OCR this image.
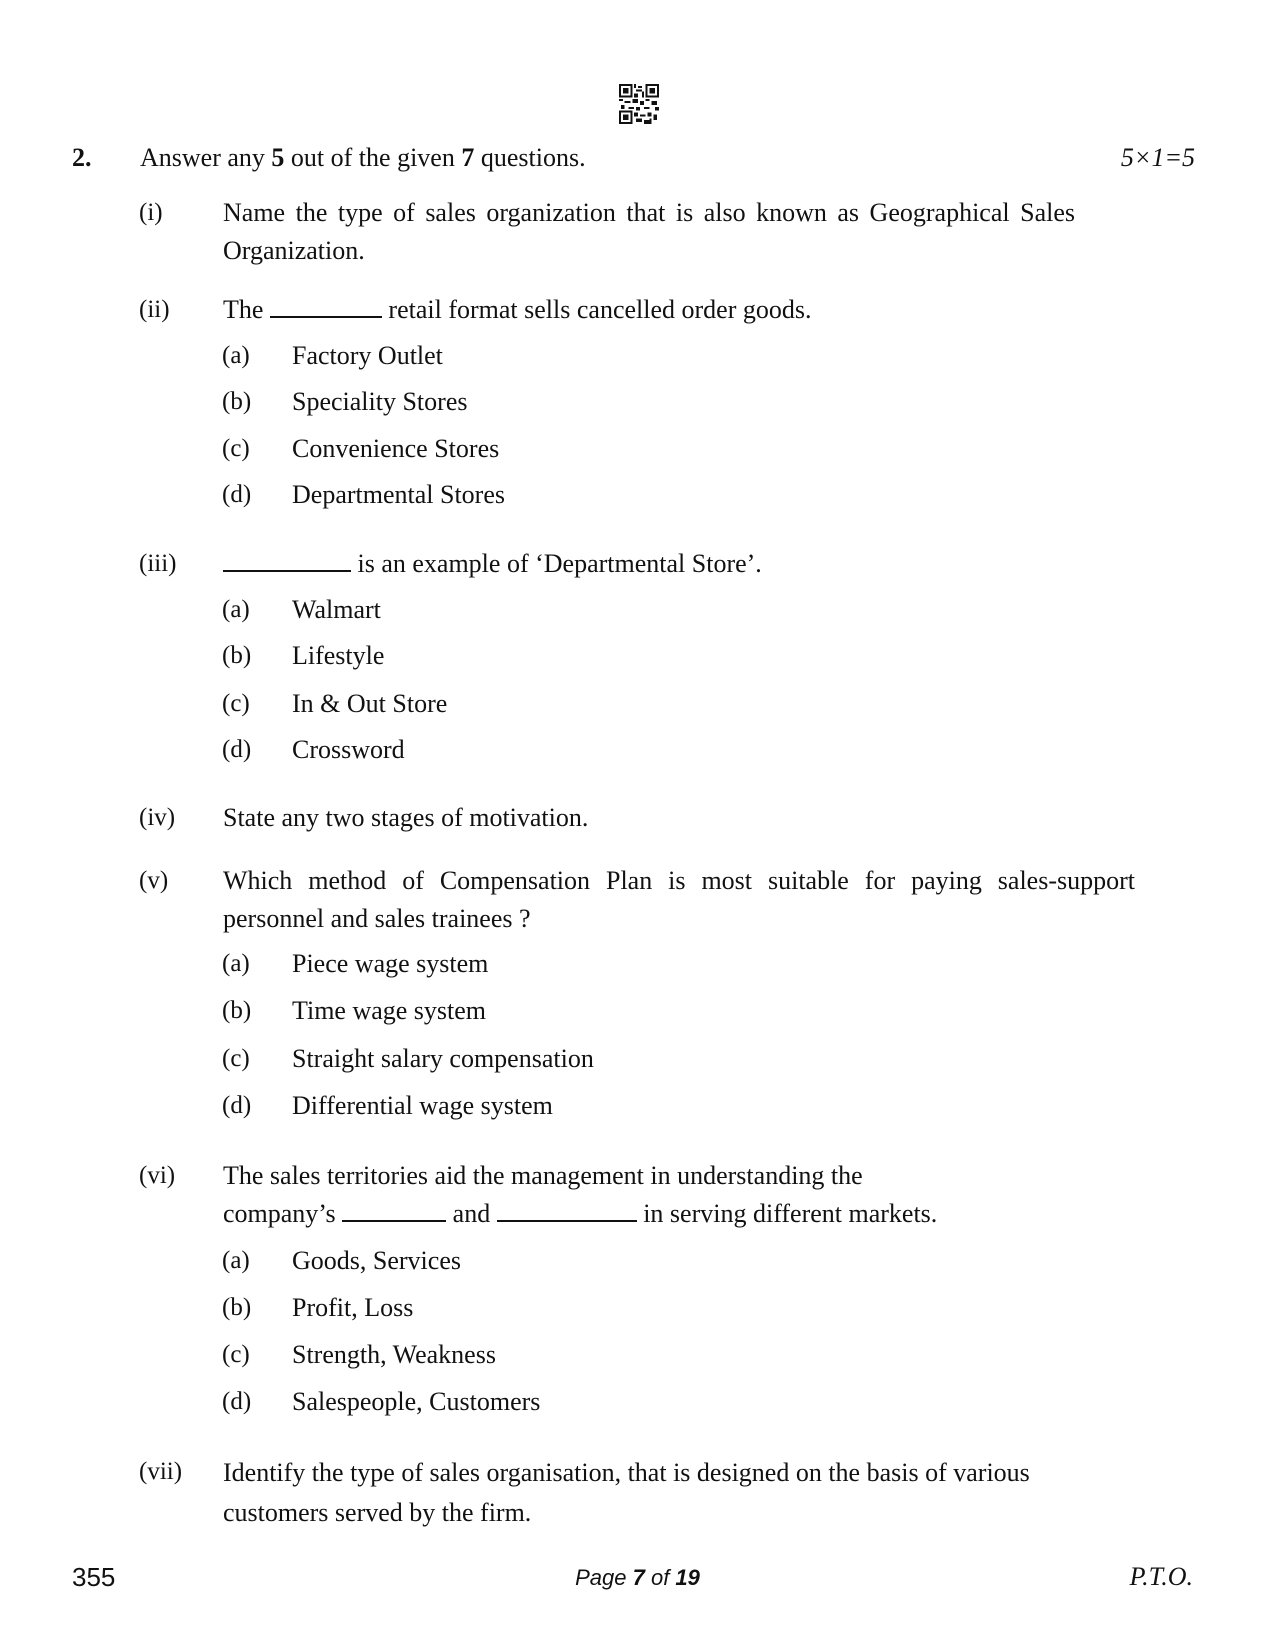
2. Answer any 5 out of the given 7 questions.	5×1=5
(i) Name the type of sales organization that is also known as Geographical Sales Organization.
(ii) The	retail format sells cancelled order goods.
(a) Factory Outlet
(b) Speciality Stores
(c) Convenience Stores
(d) Departmental Stores
(iii)	is an example of ‘Departmental Store’.
(a) Walmart
(b) Lifestyle
(c) In & Out Store
(d) Crossword
(iv) State any two stages of motivation.
(v) Which method of Compensation Plan is most suitable for paying sales-support personnel and sales trainees ?
(a) Piece wage system
(b) Time wage system
(c) Straight salary compensation
(d) Differential wage system
(vi) The sales territories aid the management in understanding the
company’s	and	in serving different markets.
(a) Goods, Services
(b) Profit, Loss
(c) Strength, Weakness
(d) Salespeople, Customers
(vii) Identify the type of sales organisation, that is designed on the basis of various customers served by the firm.
355	Page 7 of 19	P.T.O.
